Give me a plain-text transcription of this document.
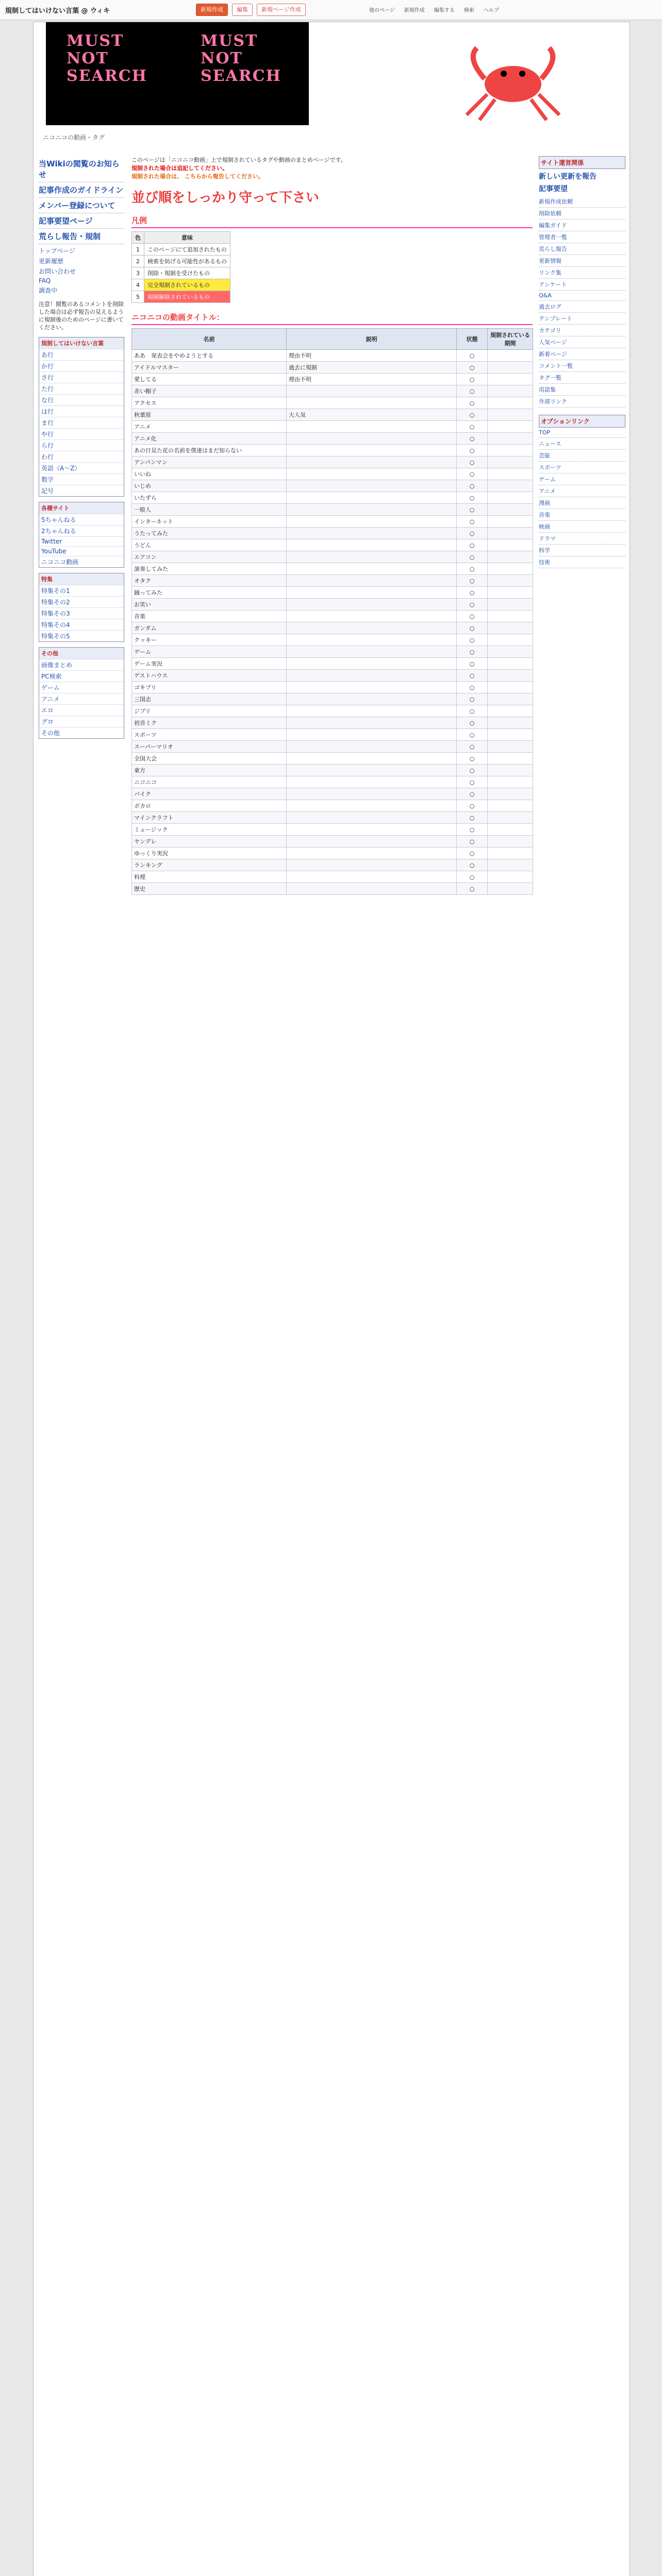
規制してはいけない言葉 @ ウィキ	新規作成	編集	新規ページ作成	他のページ	新規作成	編集する	検索	ヘルプ
MUST
NOT
SEARCH
MUST
NOT
SEARCH
ニコニコの動画・タグ
当Wikiの閲覧のお知らせ
記事作成のガイドライン
メンバー登録について
記事要望ページ
荒らし報告・規制
トップページ
更新履歴
お問い合わせ
FAQ
調査中

注意！閲覧のあるコメントを削除した場合は必ず報告の見えるように規制後のためのページに書いてください。

規制してはいけない言葉
あ行
か行
さ行
た行
な行
は行
ま行
や行
ら行
わ行
英語（A〜Z）
数字
記号
各種サイト
5ちゃんねる
2ちゃんねる
Twitter
YouTube
ニコニコ動画
特集
特集その1
特集その2
特集その3
特集その4
特集その5
その他
画像まとめ
PC検索
ゲーム
アニメ
エロ
グロ
その他
このページは「ニコニコ動画」上で規制されているタグや動画のまとめページです。
規制された場合は追記してください。
規制された場合は、 こちらから報告してください。
並び順をしっかり守って下さい
凡例
色	意味
1	このページにて追加されたもの
2	検索を妨げる可能性があるもの
3	削除・規制を受けたもの
4	完全規制されているもの
5	規制解除されているもの
ニコニコの動画タイトル：
名前	説明	状態	規制されている期間
ああ　発表会をやめようとする	理由不明	○	
アイドルマスター	過去に規制	○	
愛してる	理由不明	○	
赤い帽子		○	
アクセス		○	
秋葉原	大人気	○	
アニメ		○	
アニメ化		○	
あの日見た花の名前を僕達はまだ知らない		○	
アンパンマン		○	
いいね		○	
いじめ		○	
いたずら		○	
一般人		○	
インターネット		○	
うたってみた		○	
うどん		○	
エアコン		○	
演奏してみた		○	
オタク		○	
踊ってみた		○	
お笑い		○	
音楽		○	
ガンダム		○	
クッキー		○	
ゲーム		○	
ゲーム実況		○	
ゲストハウス		○	
ゴキブリ		○	
三国志		○	
ジブリ		○	
初音ミク		○	
スポーツ		○	
スーパーマリオ		○	
全国大会		○	
東方		○	
ニコニコ		○	
バイク		○	
ボカロ		○	
マインクラフト		○	
ミュージック		○	
ヤンデレ		○	
ゆっくり実況		○	
ランキング		○	
料理		○	
歴史		○	
サイト運営関係
新しい更新を報告
記事要望
新規作成依頼
削除依頼
編集ガイド
管理者一覧
荒らし報告
更新情報
リンク集
アンケート
Q&A
過去ログ
テンプレート
カテゴリ
人気ページ
新着ページ
コメント一覧
タグ一覧
用語集
外部リンク
オプションリンク
TOP
ニュース
芸能
スポーツ
ゲーム
アニメ
漫画
音楽
映画
ドラマ
科学
技術
